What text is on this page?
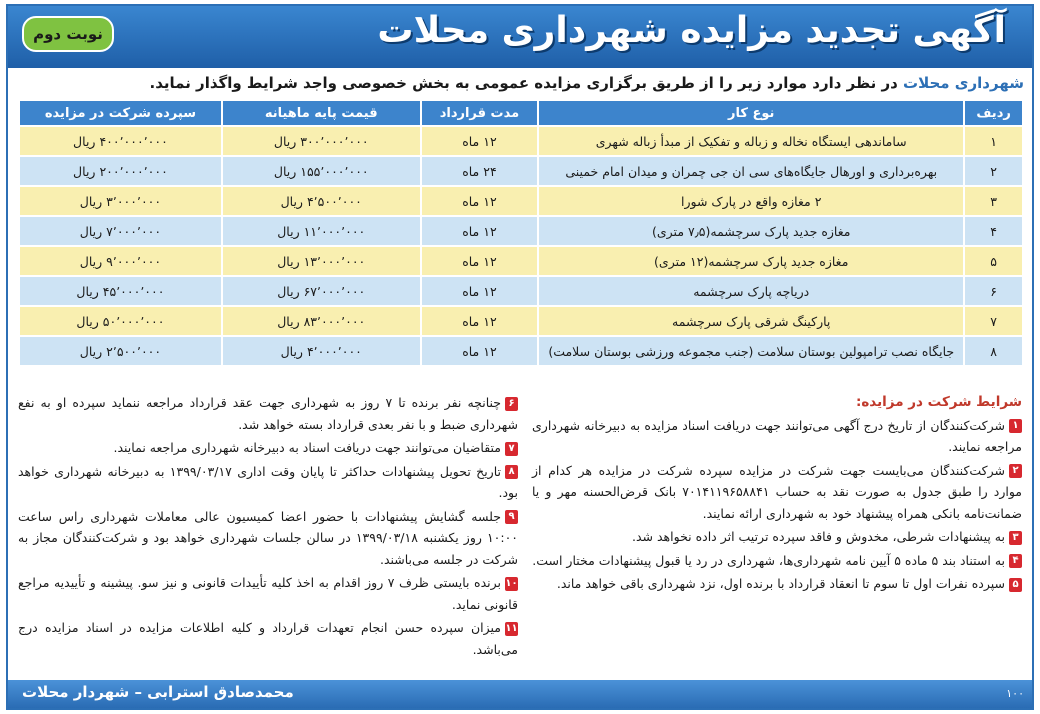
آگهی تجدید مزایده شهرداری محلات
نوبت دوم
شهرداری محلات در نظر دارد موارد زیر را از طریق برگزاری مزایده عمومی به بخش خصوصی واجد شرایط واگذار نماید.
ردیف	نوع کار	مدت قرارداد	قیمت پایه ماهیانه	سپرده شرکت در مزایده
۱	ساماندهی ایستگاه نخاله و زباله و تفکیک از مبدأ زباله شهری	۱۲ ماه	۳۰۰٬۰۰۰٬۰۰۰ ریال	۴۰۰٬۰۰۰٬۰۰۰ ریال
۲	بهره‌برداری و اورهال جایگاه‌های سی ان جی چمران و میدان امام خمینی	۲۴ ماه	۱۵۵٬۰۰۰٬۰۰۰ ریال	۲۰۰٬۰۰۰٬۰۰۰ ریال
۳	۲ مغازه واقع در پارک شورا	۱۲ ماه	۴٬۵۰۰٬۰۰۰ ریال	۳٬۰۰۰٬۰۰۰ ریال
۴	مغازه جدید پارک سرچشمه(۷٫۵ متری)	۱۲ ماه	۱۱٬۰۰۰٬۰۰۰ ریال	۷٬۰۰۰٬۰۰۰ ریال
۵	مغازه جدید پارک سرچشمه(۱۲ متری)	۱۲ ماه	۱۳٬۰۰۰٬۰۰۰ ریال	۹٬۰۰۰٬۰۰۰ ریال
۶	دریاچه پارک سرچشمه	۱۲ ماه	۶۷٬۰۰۰٬۰۰۰ ریال	۴۵٬۰۰۰٬۰۰۰ ریال
۷	پارکینگ شرقی پارک سرچشمه	۱۲ ماه	۸۳٬۰۰۰٬۰۰۰ ریال	۵۰٬۰۰۰٬۰۰۰ ریال
۸	جایگاه نصب ترامپولین بوستان سلامت (جنب مجموعه ورزشی بوستان سلامت)	۱۲ ماه	۴٬۰۰۰٬۰۰۰ ریال	۲٬۵۰۰٬۰۰۰ ریال
شرایط شرکت در مزایده:
۱شرکت‌کنندگان از تاریخ درج آگهی می‌توانند جهت دریافت اسناد مزایده به دبیرخانه شهرداری مراجعه نمایند.
۲شرکت‌کنندگان می‌بایست جهت شرکت در مزایده سپرده شرکت در مزایده هر کدام از موارد را طبق جدول به صورت نقد به حساب ۷۰۱۴۱۱۹۶۵۸۸۴۱ بانک قرض‌الحسنه مهر و یا ضمانت‌نامه بانکی همراه پیشنهاد خود به شهرداری ارائه نمایند.
۳به پیشنهادات شرطی، مخدوش و فاقد سپرده ترتیب اثر داده نخواهد شد.
۴به استناد بند ۵ ماده ۵ آیین نامه شهرداری‌ها، شهرداری در رد یا قبول پیشنهادات مختار است.
۵سپرده نفرات اول تا سوم تا انعقاد قرارداد با برنده اول، نزد شهرداری باقی خواهد ماند.
۶چنانچه نفر برنده تا ۷ روز به شهرداری جهت عقد قرارداد مراجعه ننماید سپرده او به نفع شهرداری ضبط و با نفر بعدی قرارداد بسته خواهد شد.
۷متقاضیان می‌توانند جهت دریافت اسناد به دبیرخانه شهرداری مراجعه نمایند.
۸تاریخ تحویل پیشنهادات حداکثر تا پایان وقت اداری ۱۳۹۹/۰۳/۱۷ به دبیرخانه شهرداری خواهد بود.
۹جلسه گشایش پیشنهادات با حضور اعضا کمیسیون عالی معاملات شهرداری راس ساعت ۱۰:۰۰ روز یکشنبه ۱۳۹۹/۰۳/۱۸ در سالن جلسات شهرداری خواهد بود و شرکت‌کنندگان مجاز به شرکت در جلسه می‌باشند.
۱۰برنده بایستی ظرف ۷ روز اقدام به اخذ کلیه تأییدات قانونی و نیز سو. پیشینه و تأییدیه مراجع قانونی نماید.
۱۱میزان سپرده حسن انجام تعهدات قرارداد و کلیه اطلاعات مزایده در اسناد مزایده درج می‌باشد.
محمدصادق استرابی – شهردار محلات	۱۰۰
